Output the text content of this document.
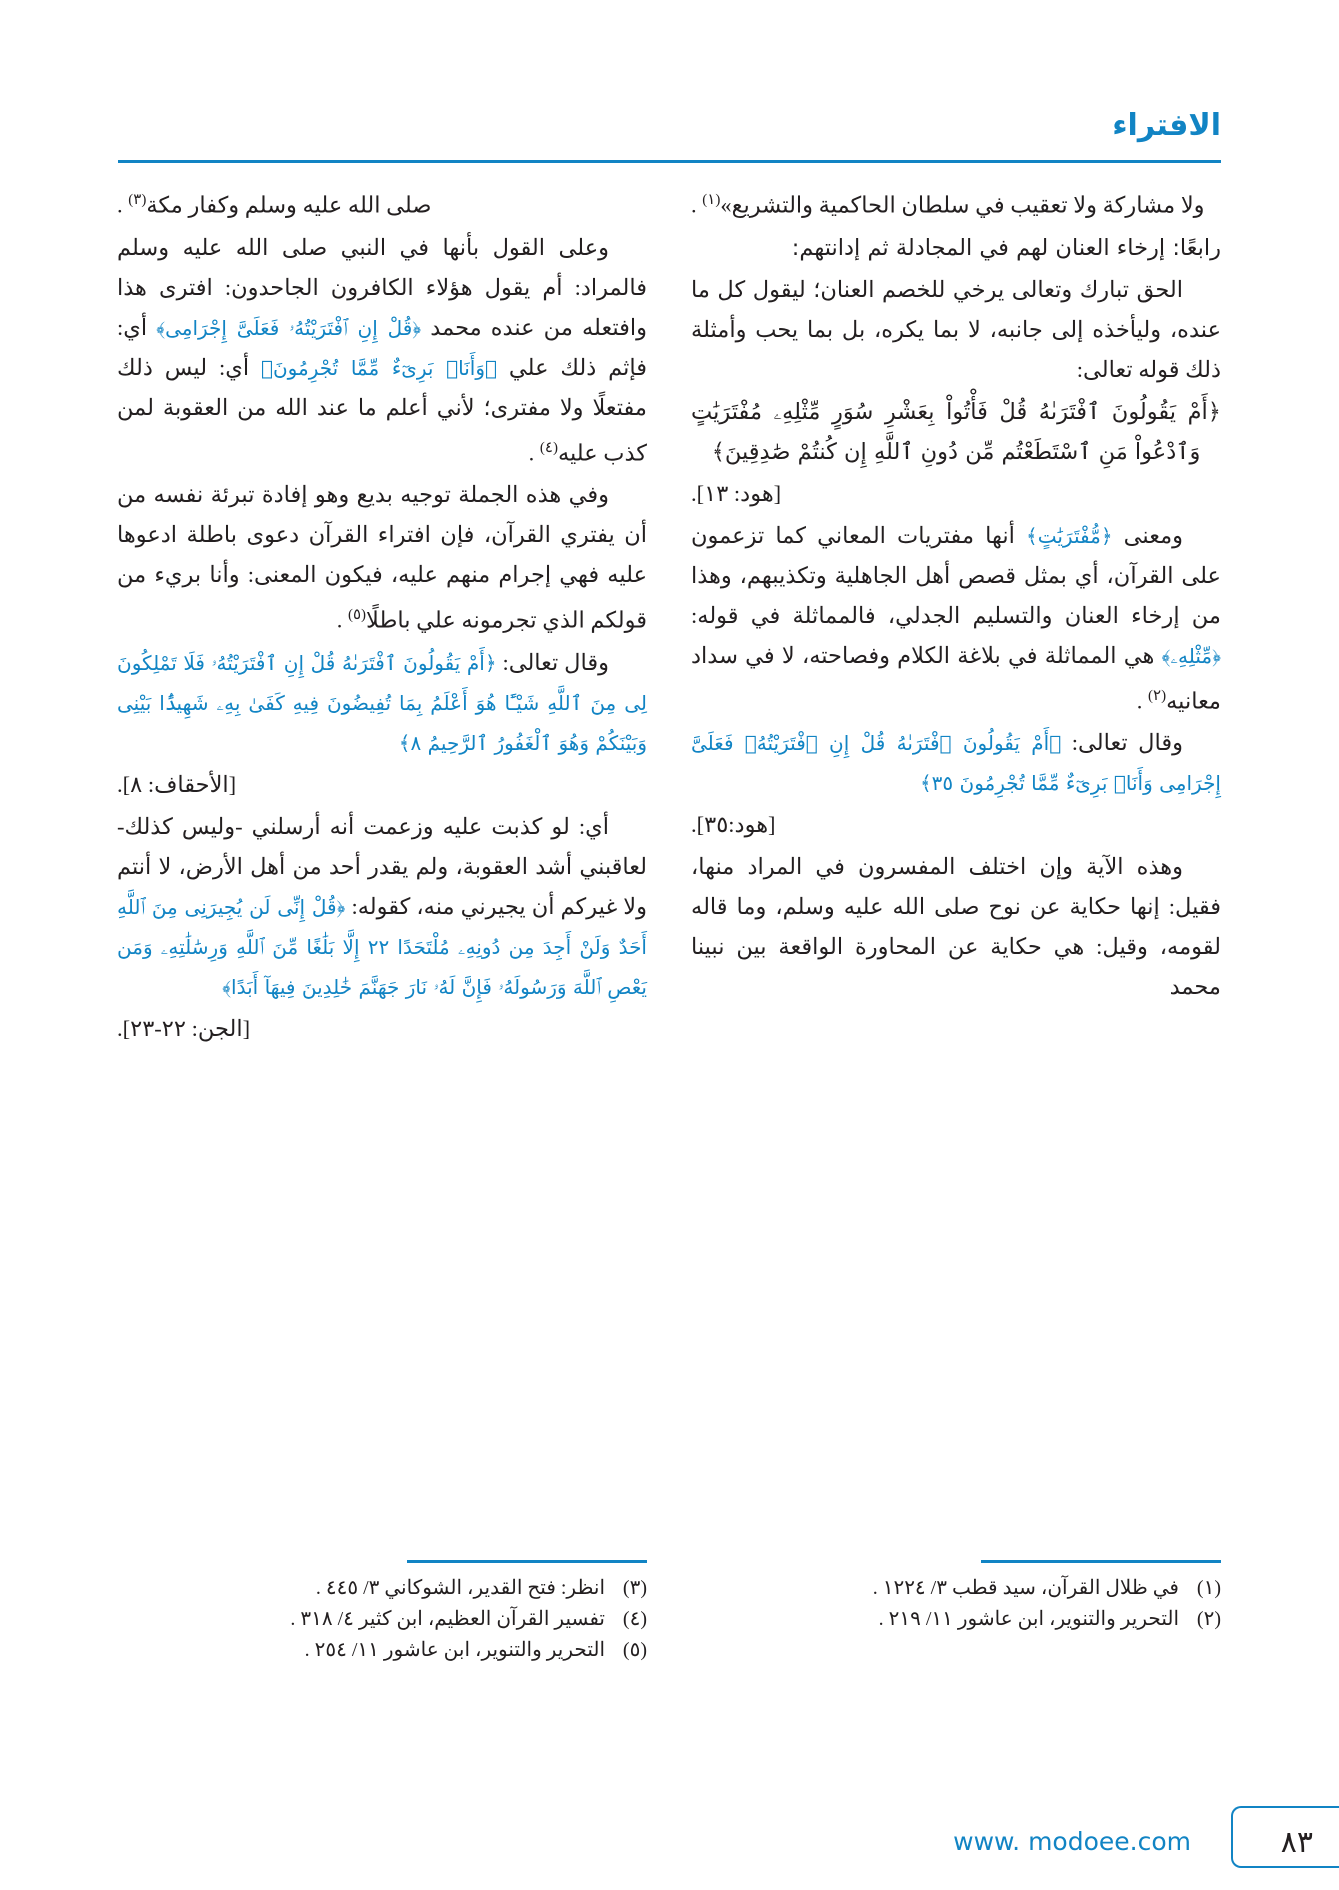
الافتراء

ولا مشاركة ولا تعقيب في سلطان الحاكمية والتشريع»$^{(١)}$ .

رابعًا: إرخاء العنان لهم في المجادلة ثم إدانتهم:

الحق تبارك وتعالى يرخي للخصم العنان؛ ليقول كل ما عنده، وليأخذه إلى جانبه، لا بما يكره، بل بما يحب وأمثلة ذلك قوله تعالى:

﴿أَمْ يَقُولُونَ ٱفْتَرَىٰهُ قُلْ فَأْتُواْ بِعَشْرِ سُوَرٍ مِّثْلِهِۦ مُفْتَرَيَٰتٍ وَٱدْعُواْ مَنِ ٱسْتَطَعْتُم مِّن دُونِ ٱللَّهِ إِن كُنتُمْ صَٰدِقِينَ﴾

[هود: ١٣].

ومعنى ﴿مُّفْتَرَيَٰتٍ﴾ أنها مفتريات المعاني كما تزعمون على القرآن، أي بمثل قصص أهل الجاهلية وتكذيبهم، وهذا من إرخاء العنان والتسليم الجدلي، فالمماثلة في قوله: ﴿مِّثْلِهِۦ﴾ هي المماثلة في بلاغة الكلام وفصاحته، لا في سداد معانيه$^{(٢)}$ .

وقال تعالى: ﴿أَمْ يَقُولُونَ ٱفْتَرَىٰهُ قُلْ إِنِ ٱفْتَرَيْتُهُۥ فَعَلَىَّ إِجْرَامِى وَأَنَا۠ بَرِىٓءٌ مِّمَّا تُجْرِمُونَ ٣٥﴾

[هود:٣٥].

وهذه الآية وإن اختلف المفسرون في المراد منها، فقيل: إنها حكاية عن نوح صلى الله عليه وسلم، وما قاله لقومه، وقيل: هي حكاية عن المحاورة الواقعة بين نبينا محمد

صلى الله عليه وسلم وكفار مكة$^{(٣)}$ .

وعلى القول بأنها في النبي صلى الله عليه وسلم فالمراد: أم يقول هؤلاء الكافرون الجاحدون: افترى هذا وافتعله من عنده محمد ﴿قُلْ إِنِ ٱفْتَرَيْتُهُۥ فَعَلَىَّ إِجْرَامِى﴾ أي: فإثم ذلك علي ﴿وَأَنَا۠ بَرِىٓءٌ مِّمَّا تُجْرِمُونَ﴾ أي: ليس ذلك مفتعلًا ولا مفترى؛ لأني أعلم ما عند الله من العقوبة لمن كذب عليه$^{(٤)}$ .

وفي هذه الجملة توجيه بديع وهو إفادة تبرئة نفسه من أن يفتري القرآن، فإن افتراء القرآن دعوى باطلة ادعوها عليه فهي إجرام منهم عليه، فيكون المعنى: وأنا بريء من قولكم الذي تجرمونه علي باطلًا$^{(٥)}$ .

وقال تعالى: ﴿أَمْ يَقُولُونَ ٱفْتَرَىٰهُ قُلْ إِنِ ٱفْتَرَيْتُهُۥ فَلَا تَمْلِكُونَ لِى مِنَ ٱللَّهِ شَيْـًٔا هُوَ أَعْلَمُ بِمَا تُفِيضُونَ فِيهِ كَفَىٰ بِهِۦ شَهِيدًۢا بَيْنِى وَبَيْنَكُمْ وَهُوَ ٱلْغَفُورُ ٱلرَّحِيمُ ٨﴾

[الأحقاف: ٨].

أي: لو كذبت عليه وزعمت أنه أرسلني -وليس كذلك- لعاقبني أشد العقوبة، ولم يقدر أحد من أهل الأرض، لا أنتم ولا غيركم أن يجيرني منه، كقوله: ﴿قُلْ إِنِّى لَن يُجِيرَنِى مِنَ ٱللَّهِ أَحَدٌ وَلَنْ أَجِدَ مِن دُونِهِۦ مُلْتَحَدًا ٢٢ إِلَّا بَلَٰغًا مِّنَ ٱللَّهِ وَرِسَٰلَٰتِهِۦ وَمَن يَعْصِ ٱللَّهَ وَرَسُولَهُۥ فَإِنَّ لَهُۥ نَارَ جَهَنَّمَ خَٰلِدِينَ فِيهَآ أَبَدًا﴾

[الجن: ٢٢-٢٣].

(١)
في ظلال القرآن، سيد قطب ٣/ ١٢٢٤ .
(٢)
التحرير والتنوير، ابن عاشور ١١/ ٢١٩ .
(٣)
انظر: فتح القدير، الشوكاني ٣/ ٤٤٥ .
(٤)
تفسير القرآن العظيم، ابن كثير ٤/ ٣١٨ .
(٥)
التحرير والتنوير، ابن عاشور ١١/ ٢٥٤ .
٨٣
www. modoee.com
